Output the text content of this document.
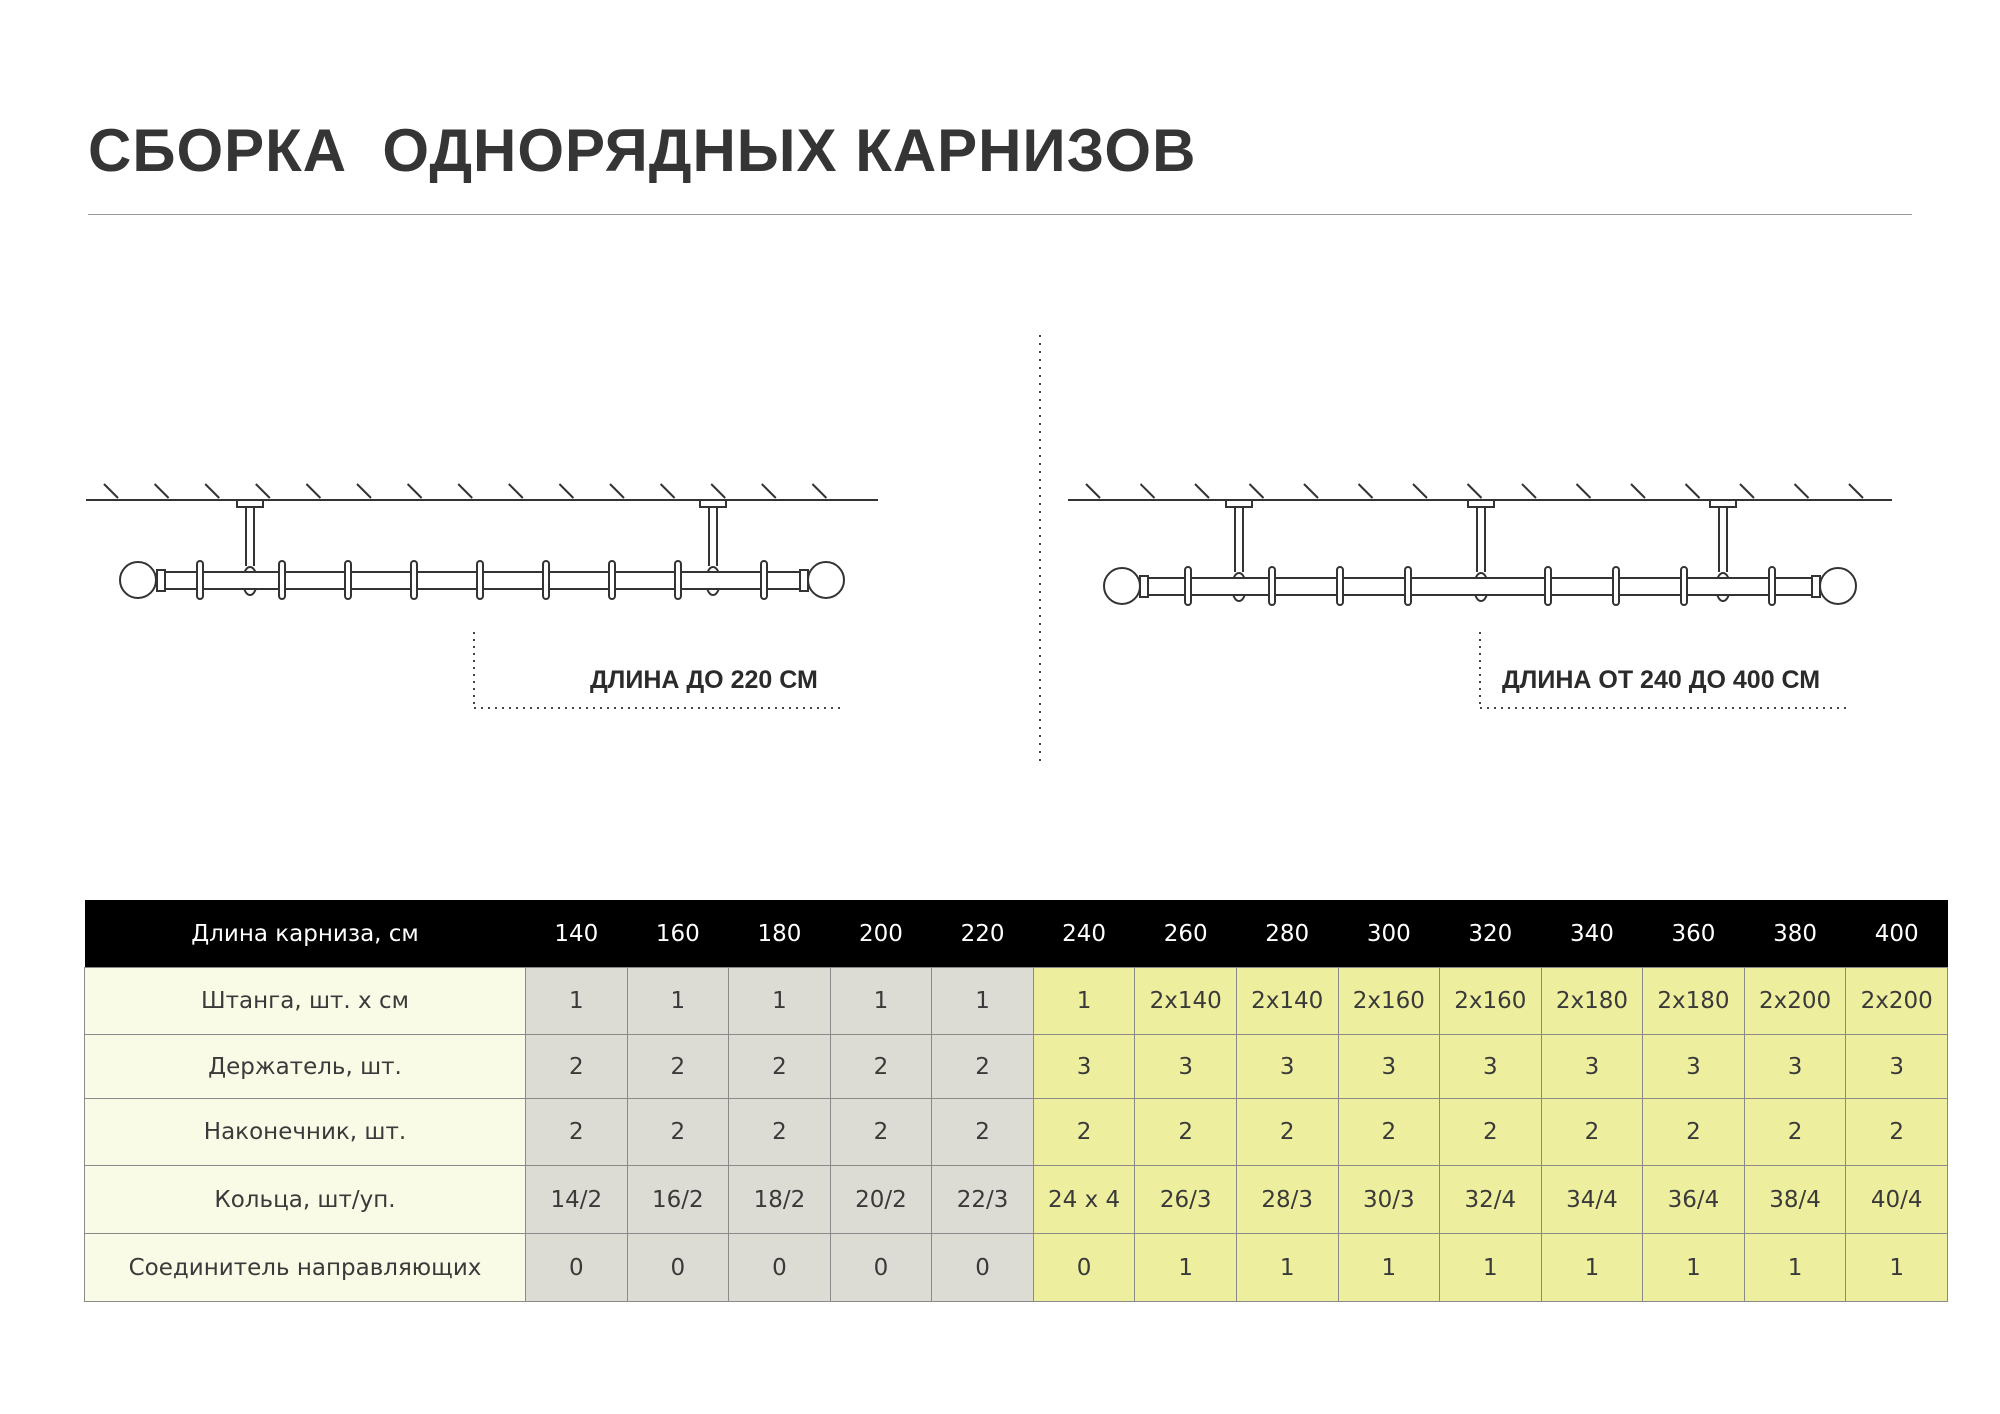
СБОРКА  ОДНОРЯДНЫХ КАРНИЗОВ
ДЛИНА ДО 220 СМ	ДЛИНА ОТ 240 ДО 400 СМ
Длина карниза, см	140	160	180	200	220	240	260	280	300	320	340	360	380	400
Штанга, шт. х см	1	1	1	1	1	1	2x140	2x140	2x160	2x160	2x180	2x180	2x200	2x200
Держатель, шт.	2	2	2	2	2	3	3	3	3	3	3	3	3	3
Наконечник, шт.	2	2	2	2	2	2	2	2	2	2	2	2	2	2
Кольца, шт/уп.	14/2	16/2	18/2	20/2	22/3	24 x 4	26/3	28/3	30/3	32/4	34/4	36/4	38/4	40/4
Соединитель направляющих	0	0	0	0	0	0	1	1	1	1	1	1	1	1
